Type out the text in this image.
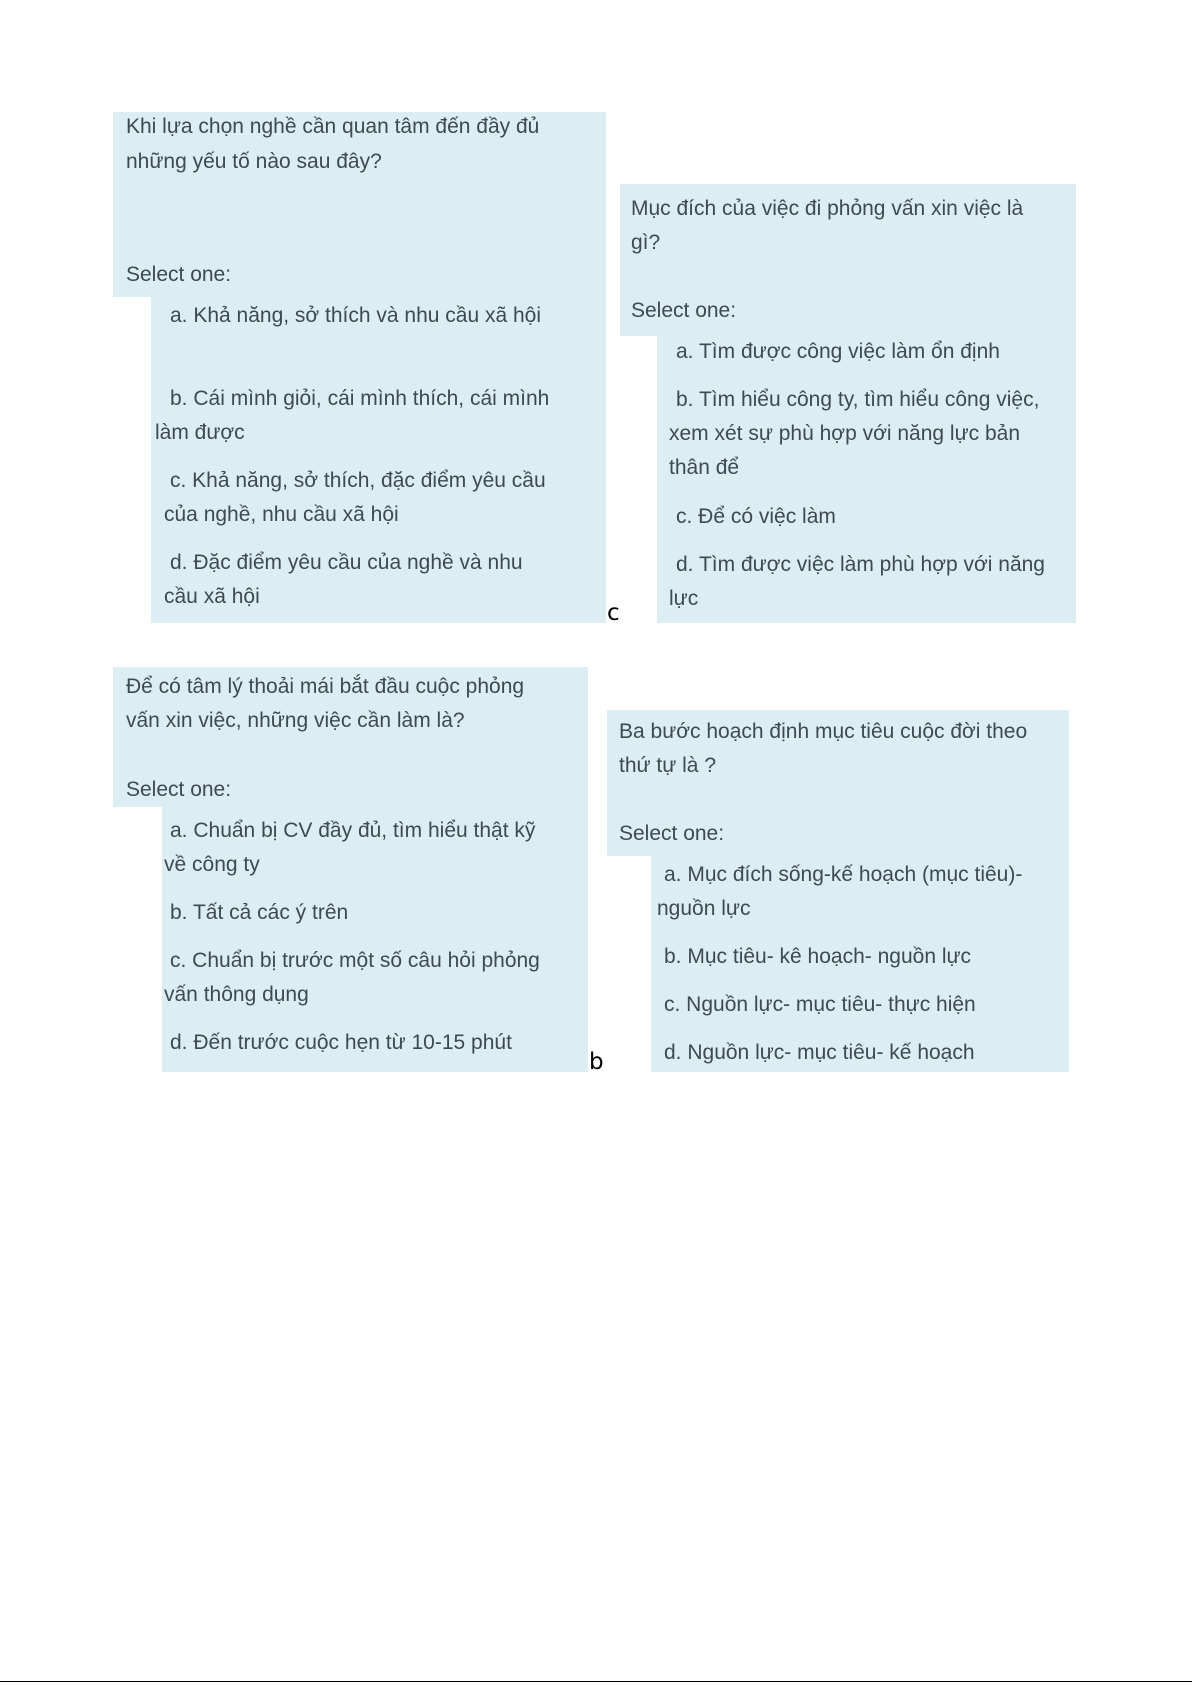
Khi lựa chọn nghề cần quan tâm đến đầy đủ
những yếu tố nào sau đây?
Select one:
a. Khả năng, sở thích và nhu cầu xã hội
b. Cái mình giỏi, cái mình thích, cái mình
làm được
c. Khả năng, sở thích, đặc điểm yêu cầu
của nghề, nhu cầu xã hội
d. Đặc điểm yêu cầu của nghề và nhu
cầu xã hội
c
Mục đích của việc đi phỏng vấn xin việc là
gì?
Select one:
a. Tìm được công việc làm ổn định
b. Tìm hiểu công ty, tìm hiểu công việc,
xem xét sự phù hợp với năng lực bản
thân để
c. Để có việc làm
d. Tìm được việc làm phù hợp với năng
lực
Để có tâm lý thoải mái bắt đầu cuộc phỏng
vấn xin việc, những việc cần làm là?
Select one:
a. Chuẩn bị CV đầy đủ, tìm hiểu thật kỹ
về công ty
b. Tất cả các ý trên
c. Chuẩn bị trước một số câu hỏi phỏng
vấn thông dụng
d. Đến trước cuộc hẹn từ 10-15 phút
b
Ba bước hoạch định mục tiêu cuộc đời theo
thứ tự là ?
Select one:
a. Mục đích sống-kế hoạch (mục tiêu)-
nguồn lực
b. Mục tiêu- kê hoạch- nguồn lực
c. Nguồn lực- mục tiêu- thực hiện
d. Nguồn lực- mục tiêu- kế hoạch
